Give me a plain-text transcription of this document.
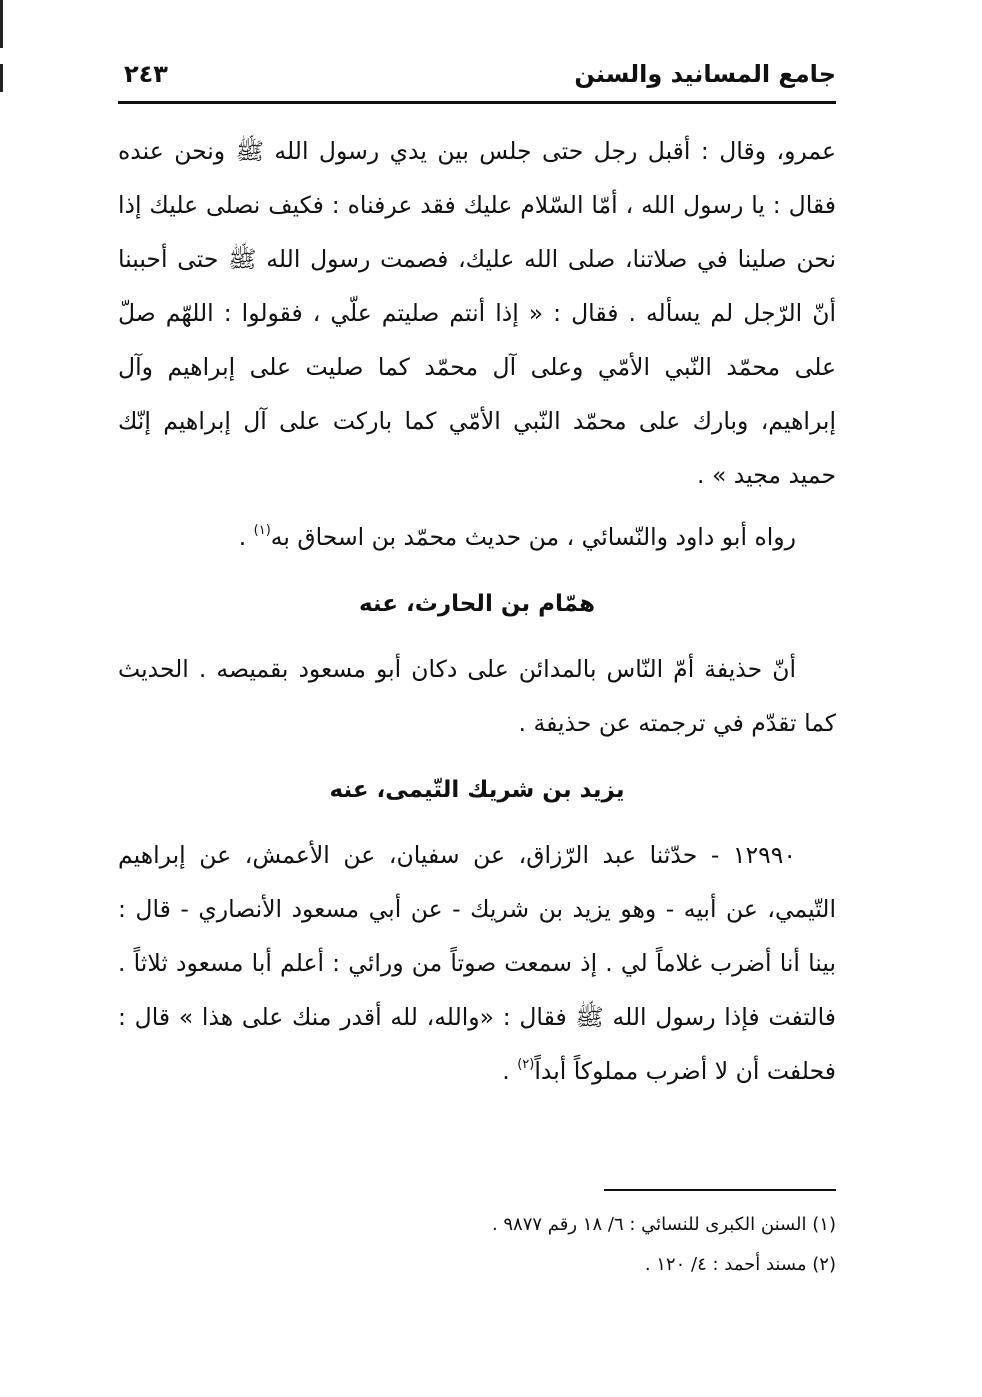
جامع المسانيد والسنن
٢٤٣

عمرو، وقال : أقبل رجل حتى جلس بين يدي رسول الله ﷺ ونحن عنده فقال : يا رسول الله ، أمّا السّلام عليك فقد عرفناه : فكيف نصلى عليك إذا نحن صلينا في صلاتنا، صلى الله عليك، فصمت رسول الله ﷺ حتى أحببنا أنّ الرّجل لم يسأله . فقال : « إذا أنتم صليتم علّي ، فقولوا : اللهّم صلّ على محمّد النّبي الأمّي وعلى آل محمّد كما صليت على إبراهيم وآل إبراهيم، وبارك على محمّد النّبي الأمّي كما باركت على آل إبراهيم إنّك حميد مجيد » .

رواه أبو داود والنّسائي ، من حديث محمّد بن اسحاق به$^{(١)}$ .

همّام بن الحارث، عنه

أنّ حذيفة أمّ النّاس بالمدائن على دكان أبو مسعود بقميصه . الحديث كما تقدّم في ترجمته عن حذيفة .

يزيد بن شريك التّيمى، عنه

١٢٩٩٠ - حدّثنا عبد الرّزاق، عن سفيان، عن الأعمش، عن إبراهيم التّيمي، عن أبيه - وهو يزيد بن شريك - عن أبي مسعود الأنصاري - قال : بينا أنا أضرب غلاماً لي . إذ سمعت صوتاً من ورائي : أعلم أبا مسعود ثلاثاً . فالتفت فإذا رسول الله ﷺ فقال : «والله، لله أقدر منك على هذا » قال : فحلفت أن لا أضرب مملوكاً أبداً$^{(٢)}$ .

(١) السنن الكبرى للنسائي : ٦/ ١٨ رقم ٩٨٧٧ .

(٢) مسند أحمد : ٤/ ١٢٠ .
